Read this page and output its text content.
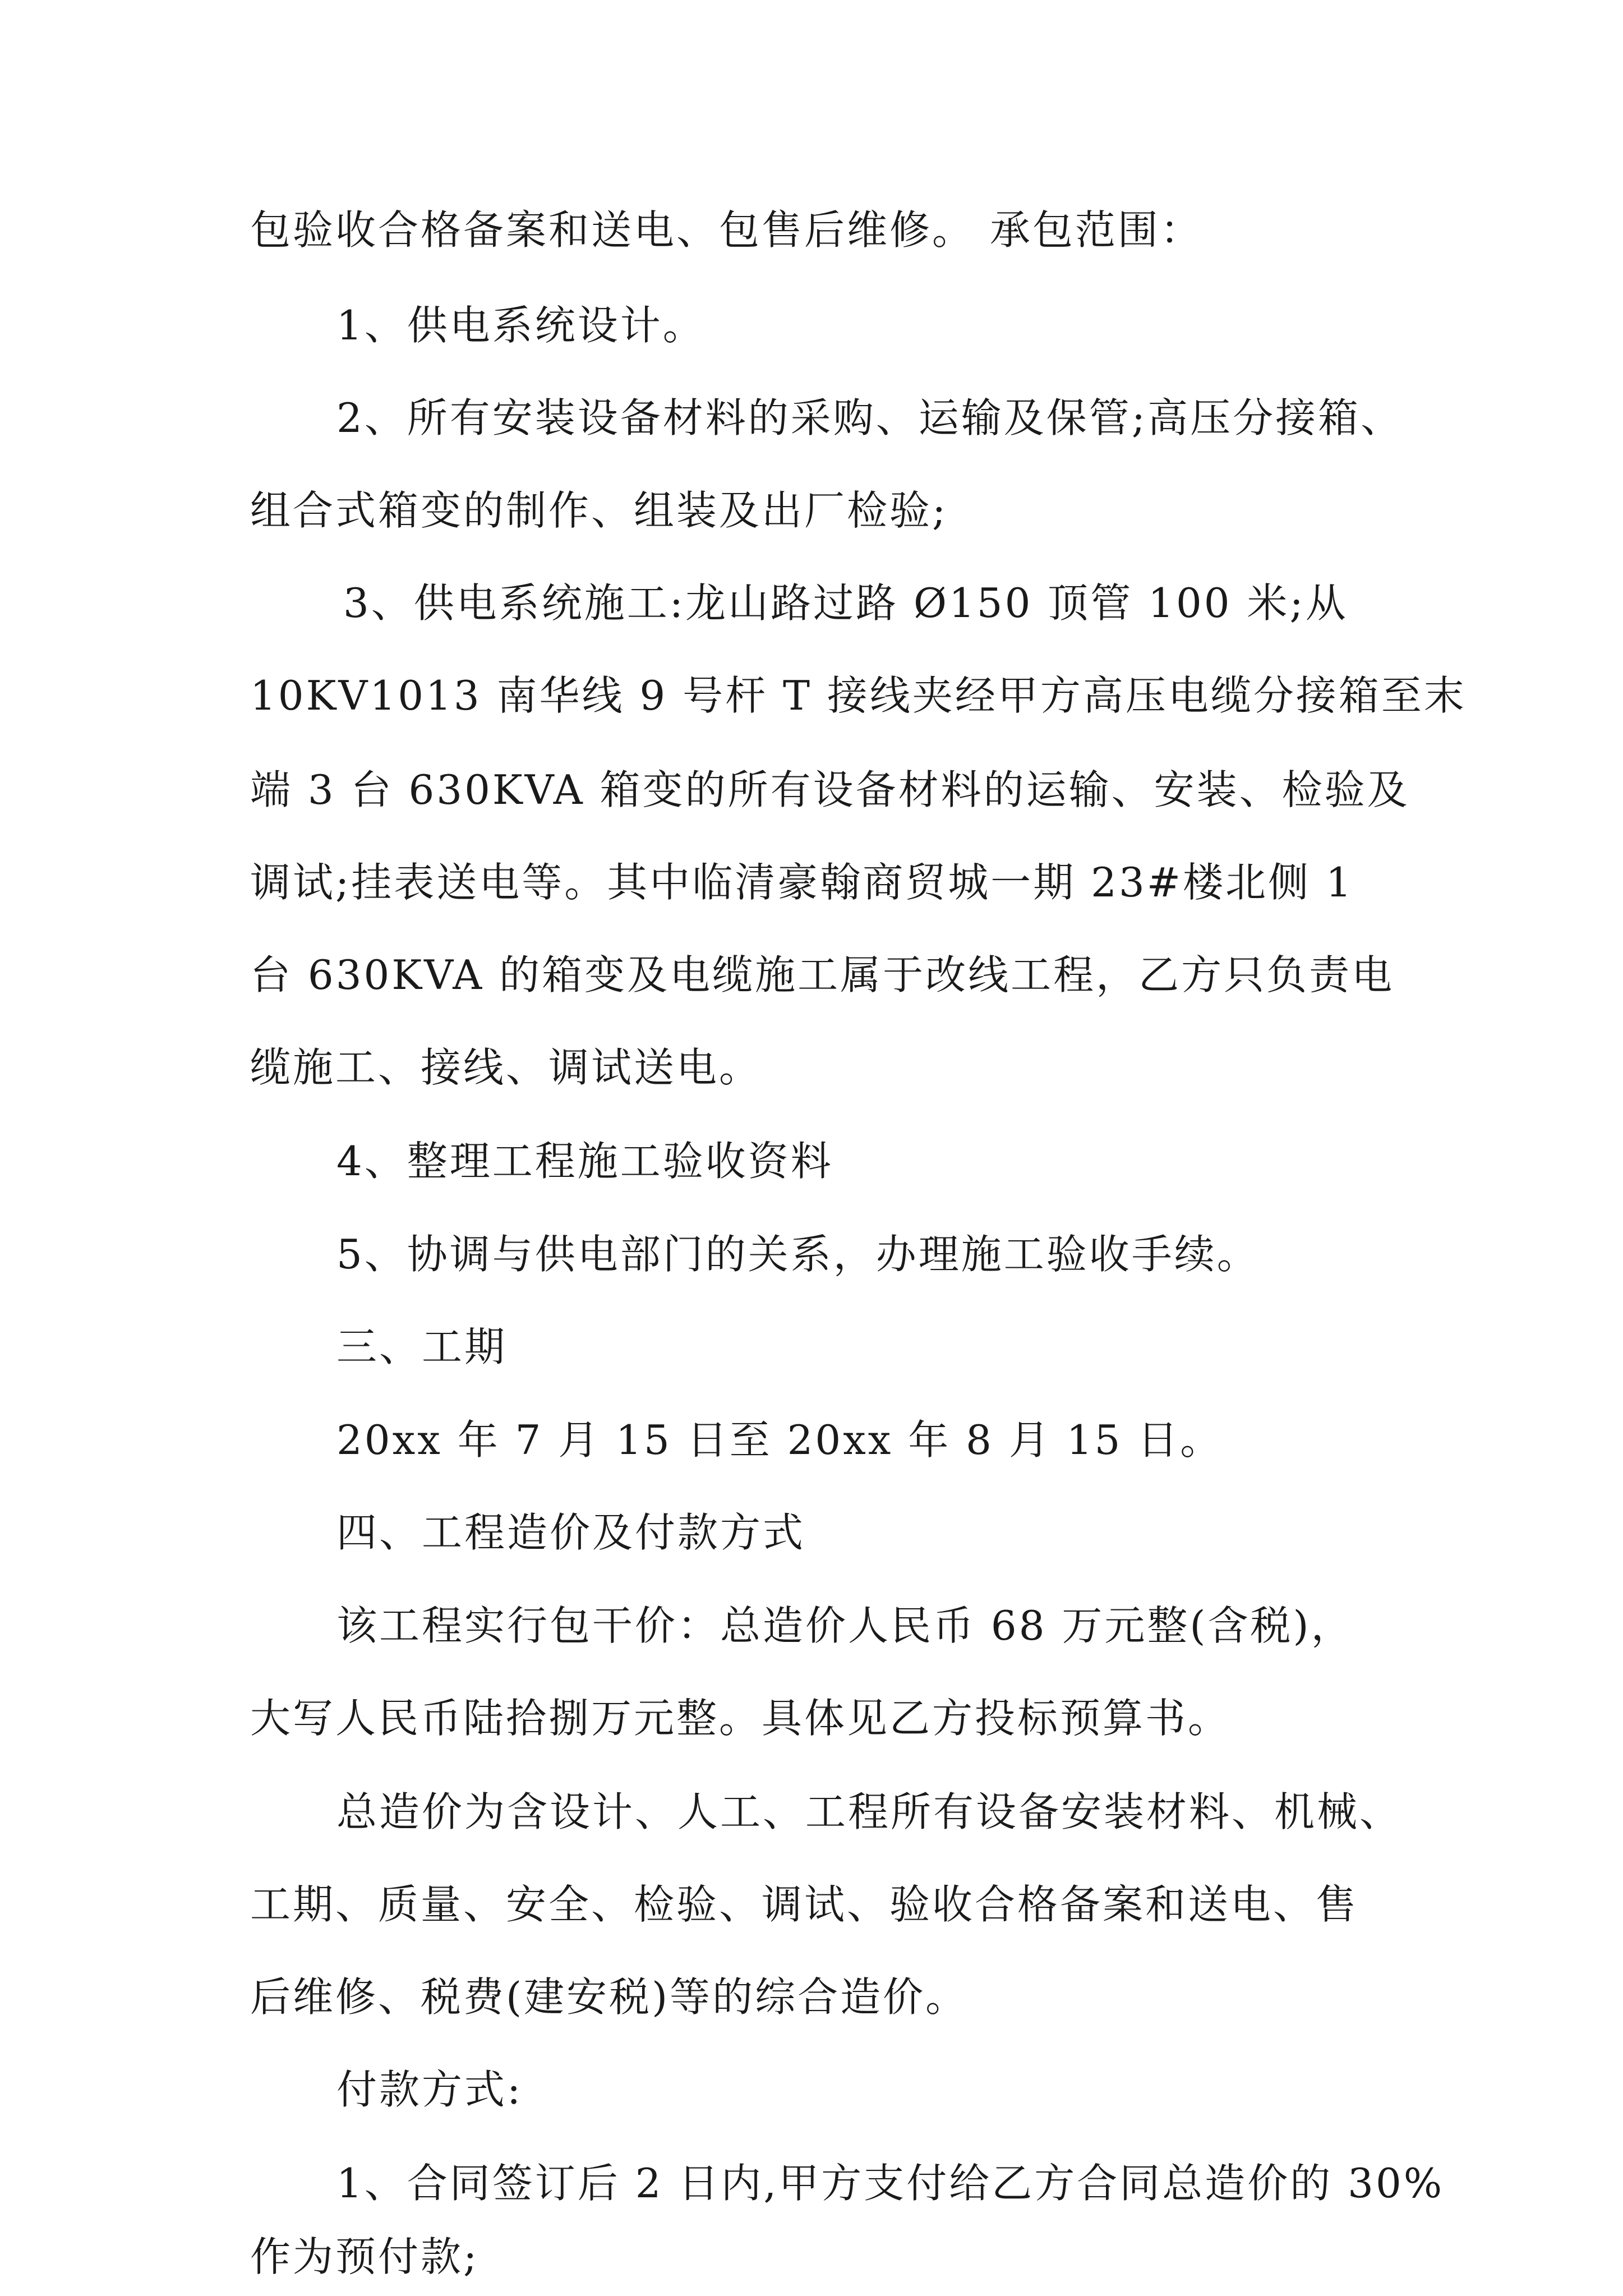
包验收合格备案和送电、包售后维修。 承包范围：
1、供电系统设计。
2、所有安装设备材料的采购、运输及保管;高压分接箱、
组合式箱变的制作、组装及出厂检验;
3、供电系统施工:龙山路过路 Ø150 顶管 100 米;从
10KV1013 南华线 9 号杆 T 接线夹经甲方高压电缆分接箱至末
端 3 台 630KVA 箱变的所有设备材料的运输、安装、检验及
调试;挂表送电等。其中临清豪翰商贸城一期 23#楼北侧 1
台 630KVA 的箱变及电缆施工属于改线工程，乙方只负责电
缆施工、接线、调试送电。
4、整理工程施工验收资料
5、协调与供电部门的关系，办理施工验收手续。
三、工期
20xx 年 7 月 15 日至 20xx 年 8 月 15 日。
四、工程造价及付款方式
该工程实行包干价：总造价人民币 68 万元整(含税)，
大写人民币陆拾捌万元整。具体见乙方投标预算书。
总造价为含设计、人工、工程所有设备安装材料、机械、
工期、质量、安全、检验、调试、验收合格备案和送电、售
后维修、税费(建安税)等的综合造价。
付款方式:
1、合同签订后 2 日内,甲方支付给乙方合同总造价的 30%
作为预付款;
